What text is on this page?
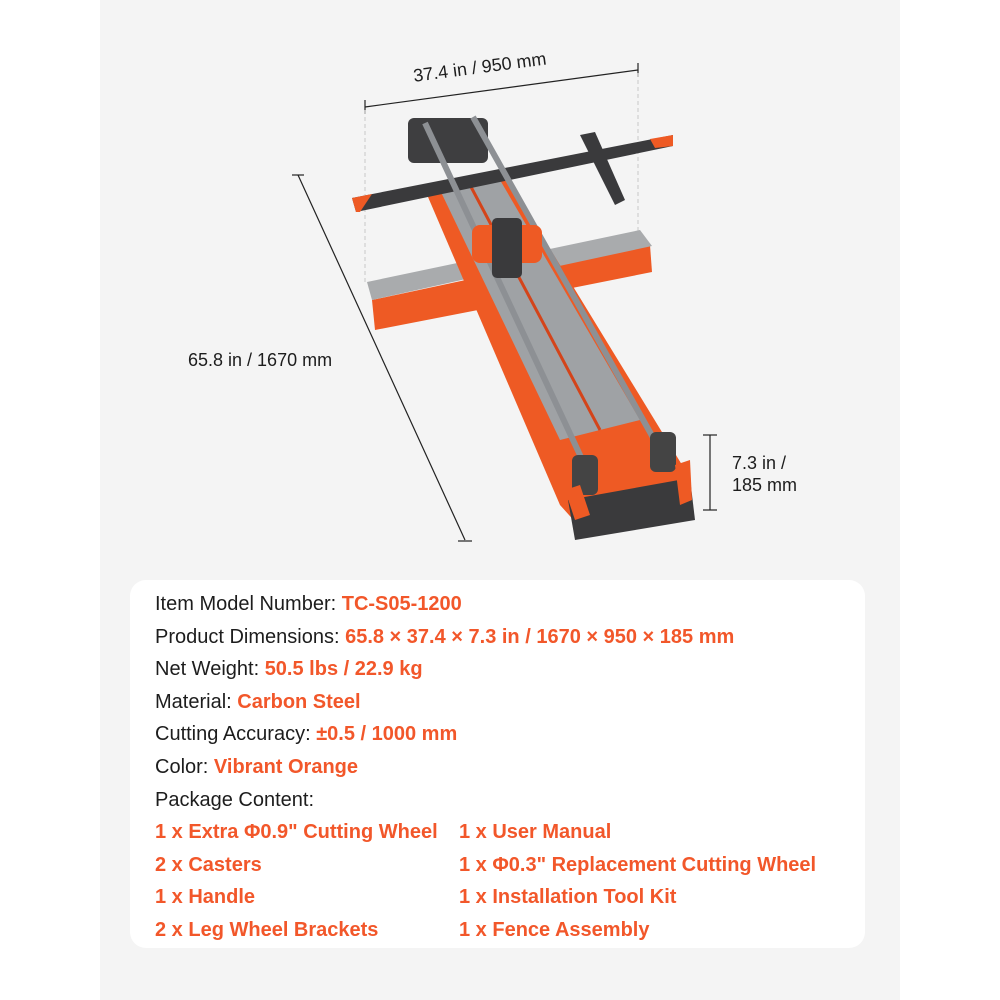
37.4 in / 950 mm
65.8 in / 1670 mm
7.3 in /
185 mm
Item Model Number: TC-S05-1200
Product Dimensions: 65.8 × 37.4 × 7.3 in / 1670 × 950 × 185 mm
Net Weight: 50.5 lbs / 22.9 kg
Material: Carbon Steel
Cutting Accuracy: ±0.5 / 1000 mm
Color: Vibrant Orange
Package Content:
1 x Extra Φ0.9" Cutting Wheel	1 x User Manual
2 x Casters	1 x Φ0.3" Replacement Cutting Wheel
1 x Handle	1 x Installation Tool Kit
2 x Leg Wheel Brackets	1 x Fence Assembly
